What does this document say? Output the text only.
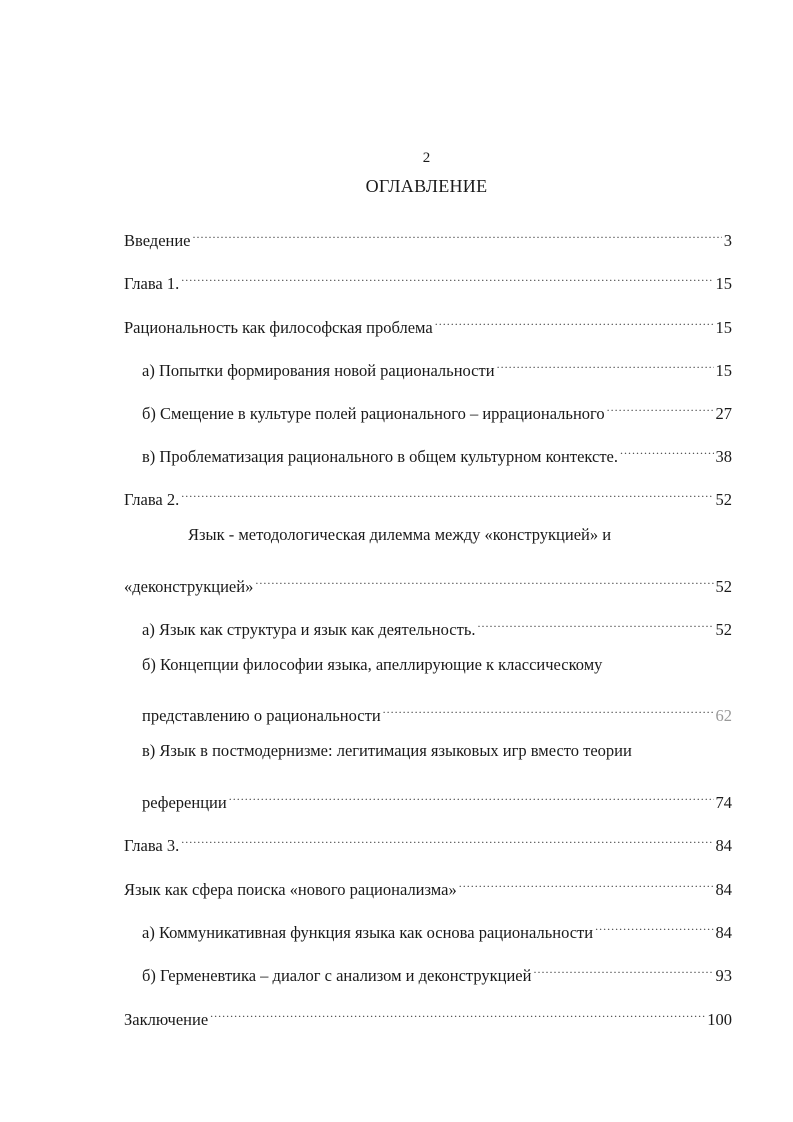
2
ОГЛАВЛЕНИЕ
Введение .....	3
Глава 1. .....	15
Рациональность как философская проблема .....	15
а) Попытки формирования новой рациональности .....	15
б) Смещение в культуре полей рационального – иррационального .....	27
в) Проблематизация рационального в общем культурном контексте. .....	38
Глава 2. .....	52
Язык - методологическая дилемма между «конструкцией» и
«деконструкцией» .....	52
а) Язык как структура и язык как деятельность. .....	52
б) Концепции философии языка, апеллирующие к классическому
представлению о рациональности .....	62
в) Язык в постмодернизме: легитимация языковых игр вместо теории
референции .....	74
Глава 3. .....	84
Язык как сфера поиска «нового рационализма» .....	84
а) Коммуникативная функция языка как основа рациональности .....	84
б) Герменевтика – диалог с анализом и деконструкцией .....	93
Заключение .....	100
